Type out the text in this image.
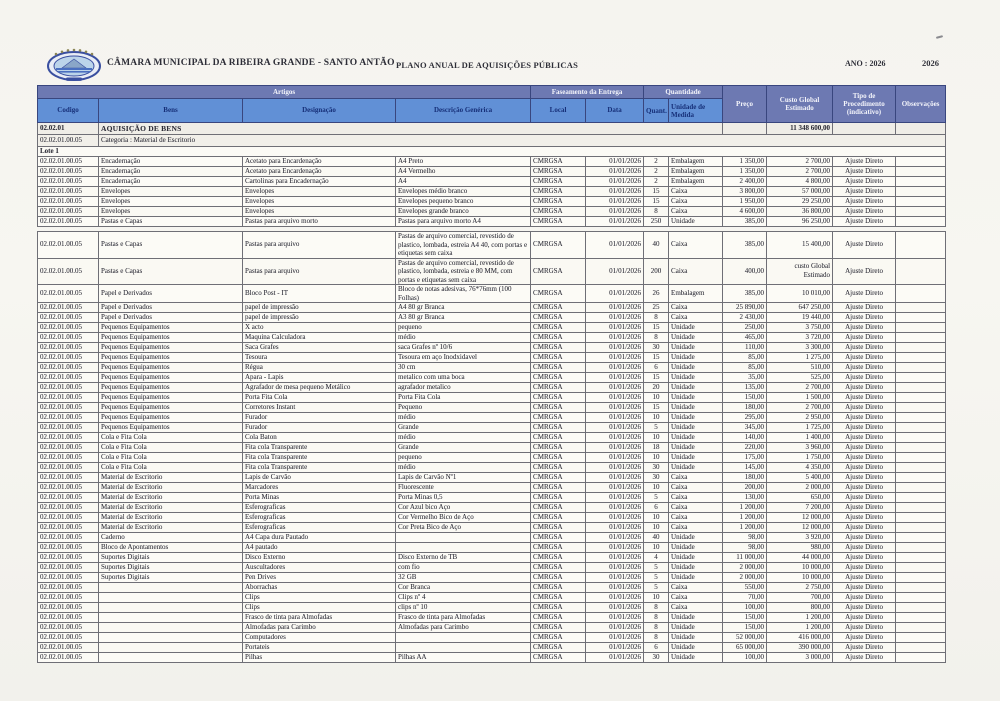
CÂMARA MUNICIPAL DA RIBEIRA GRANDE - SANTO ANTÃO PLANO ANUAL DE AQUISIÇÕES PÚBLICAS	ANO : 2026	2026
Artigos				Faseamento da Entrega		Quantidade		Preço	Custo Global Estimado	Tipo de Procedimento (indicativo)	Observações
Codigo	Bens	Designação	Descrição Genérica	Local	Data	Quant.	Unidade de Medida				
02.02.01	AQUISIÇÃO DE BENS								11 348 600,00		
02.02.01.00.05	Categoria : Material de Escritorio										
Lote 1											
02.02.01.00.05	Encadernação	Acetato para Encardenação	A4 Preto	CMRGSA	01/01/2026	2	Embalagem	1 350,00	2 700,00	Ajuste Direto	
02.02.01.00.05	Encadernação	Acetato para Encardenação	A4 Vermelho	CMRGSA	01/01/2026	2	Embalagem	1 350,00	2 700,00	Ajuste Direto	
02.02.01.00.05	Encadernação	Cartolinas para Encadernação	A4	CMRGSA	01/01/2026	2	Embalagem	2 400,00	4 800,00	Ajuste Direto	
02.02.01.00.05	Envelopes	Envelopes	Envelopes médio branco	CMRGSA	01/01/2026	15	Caixa	3 800,00	57 000,00	Ajuste Direto	
02.02.01.00.05	Envelopes	Envelopes	Envelopes pequeno branco	CMRGSA	01/01/2026	15	Caixa	1 950,00	29 250,00	Ajuste Direto	
02.02.01.00.05	Envelopes	Envelopes	Envelopes grande branco	CMRGSA	01/01/2026	8	Caixa	4 600,00	36 800,00	Ajuste Direto	
02.02.01.00.05	Pastas e Capas	Pastas para arquivo morto	Pastas para arquivo morto A4	CMRGSA	01/01/2026	250	Unidade	385,00	96 250,00	Ajuste Direto	

02.02.01.00.05	Pastas e Capas	Pastas para arquivo	Pastas de arquivo comercial, revestido de plastico, lombada, estreia A4 40, com portas e etiquetas sem caixa	CMRGSA	01/01/2026	40	Caixa	385,00	15 400,00	Ajuste Direto	
02.02.01.00.05	Pastas e Capas	Pastas para arquivo	Pastas de arquivo comercial, revestido de plastico, lombada, estreia e 80 MM, com portas e etiquetas sem caixa	CMRGSA	01/01/2026	200	Caixa	400,00	custo Global Estimado	Ajuste Direto	
02.02.01.00.05	Papel e Derivados	Bloco Post - IT	Bloco de notas adesivas, 76*76mm (100 Folhas)	CMRGSA	01/01/2026	26	Embalagem	385,00	10 010,00	Ajuste Direto	
02.02.01.00.05	Papel e Derivados	papel de impressão	A4 80 gr Branca	CMRGSA	01/01/2026	25	Caixa	25 890,00	647 250,00	Ajuste Direto	
02.02.01.00.05	Papel e Derivados	papel de impressão	A3 80 gr Branca	CMRGSA	01/01/2026	8	Caixa	2 430,00	19 440,00	Ajuste Direto	
02.02.01.00.05	Pequenos Equipamentos	X acto	pequeno	CMRGSA	01/01/2026	15	Unidade	250,00	3 750,00	Ajuste Direto	
02.02.01.00.05	Pequenos Equipamentos	Maquina Calculadora	médio	CMRGSA	01/01/2026	8	Unidade	465,00	3 720,00	Ajuste Direto	
02.02.01.00.05	Pequenos Equipamentos	Saca Grafes	saca Grafes nº 10/6	CMRGSA	01/01/2026	30	Unidade	110,00	3 300,00	Ajuste Direto	
02.02.01.00.05	Pequenos Equipamentos	Tesoura	Tesoura em aço Inodxidavel	CMRGSA	01/01/2026	15	Unidade	85,00	1 275,00	Ajuste Direto	
02.02.01.00.05	Pequenos Equipamentos	Régua	30 cm	CMRGSA	01/01/2026	6	Unidade	85,00	510,00	Ajuste Direto	
02.02.01.00.05	Pequenos Equipamentos	Apara - Lapis	metalico com uma boca	CMRGSA	01/01/2026	15	Unidade	35,00	525,00	Ajuste Direto	
02.02.01.00.05	Pequenos Equipamentos	Agrafador de mesa pequeno Metálico	agrafador metalico	CMRGSA	01/01/2026	20	Unidade	135,00	2 700,00	Ajuste Direto	
02.02.01.00.05	Pequenos Equipamentos	Porta Fita Cola	Porta Fita Cola	CMRGSA	01/01/2026	10	Unidade	150,00	1 500,00	Ajuste Direto	
02.02.01.00.05	Pequenos Equipamentos	Corretores Instant	Pequeno	CMRGSA	01/01/2026	15	Unidade	180,00	2 700,00	Ajuste Direto	
02.02.01.00.05	Pequenos Equipamentos	Furador	médio	CMRGSA	01/01/2026	10	Unidade	295,00	2 950,00	Ajuste Direto	
02.02.01.00.05	Pequenos Equipamentos	Furador	Grande	CMRGSA	01/01/2026	5	Unidade	345,00	1 725,00	Ajuste Direto	
02.02.01.00.05	Cola e Fita Cola	Cola Baton	médio	CMRGSA	01/01/2026	10	Unidade	140,00	1 400,00	Ajuste Direto	
02.02.01.00.05	Cola e Fita Cola	Fita cola Transparente	Grande	CMRGSA	01/01/2026	18	Unidade	220,00	3 960,00	Ajuste Direto	
02.02.01.00.05	Cola e Fita Cola	Fita cola Transparente	pequeno	CMRGSA	01/01/2026	10	Unidade	175,00	1 750,00	Ajuste Direto	
02.02.01.00.05	Cola e Fita Cola	Fita cola Transparente	médio	CMRGSA	01/01/2026	30	Unidade	145,00	4 350,00	Ajuste Direto	
02.02.01.00.05	Material de Escritorio	Lapis de Carvão	Lapis de Carvão Nº1	CMRGSA	01/01/2026	30	Caixa	180,00	5 400,00	Ajuste Direto	
02.02.01.00.05	Material de Escritorio	Marcadores	Fluorescente	CMRGSA	01/01/2026	10	Caixa	200,00	2 000,00	Ajuste Direto	
02.02.01.00.05	Material de Escritorio	Porta Minas	Porta Minas 0,5	CMRGSA	01/01/2026	5	Caixa	130,00	650,00	Ajuste Direto	
02.02.01.00.05	Material de Escritorio	Esferograficas	Cor Azul bico Aço	CMRGSA	01/01/2026	6	Caixa	1 200,00	7 200,00	Ajuste Direto	
02.02.01.00.05	Material de Escritorio	Esferograficas	Cor Vermelho Bico de Aço	CMRGSA	01/01/2026	10	Caixa	1 200,00	12 000,00	Ajuste Direto	
02.02.01.00.05	Material de Escritorio	Esferograficas	Cor Preta Bico de Aço	CMRGSA	01/01/2026	10	Caixa	1 200,00	12 000,00	Ajuste Direto	
02.02.01.00.05	Caderno	A4 Capa dura Pautado		CMRGSA	01/01/2026	40	Unidade	98,00	3 920,00	Ajuste Direto	
02.02.01.00.05	Bloco de Apontamentos	A4 pautado		CMRGSA	01/01/2026	10	Unidade	98,00	980,00	Ajuste Direto	
02.02.01.00.05	Suportes Digitais	Disco Externo	Disco Externo de TB	CMRGSA	01/01/2026	4	Unidade	11 000,00	44 000,00	Ajuste Direto	
02.02.01.00.05	Suportes Digitais	Auscultadores	com fio	CMRGSA	01/01/2026	5	Unidade	2 000,00	10 000,00	Ajuste Direto	
02.02.01.00.05	Suportes Digitais	Pen Drives	32 GB	CMRGSA	01/01/2026	5	Unidade	2 000,00	10 000,00	Ajuste Direto	
02.02.01.00.05		Aborrachas	Cor Branca	CMRGSA	01/01/2026	5	Caixa	550,00	2 750,00	Ajuste Direto	
02.02.01.00.05		Clips	Clips nº 4	CMRGSA	01/01/2026	10	Caixa	70,00	700,00	Ajuste Direto	
02.02.01.00.05		Clips	clips nº 10	CMRGSA	01/01/2026	8	Caixa	100,00	800,00	Ajuste Direto	
02.02.01.00.05		Frasco de tinta para Almofadas	Frasco de tinta para Almofadas	CMRGSA	01/01/2026	8	Unidade	150,00	1 200,00	Ajuste Direto	
02.02.01.00.05		Almofadas para Carimbo	Almofadas para Carimbo	CMRGSA	01/01/2026	8	Unidade	150,00	1 200,00	Ajuste Direto	
02.02.01.00.05		Computadores		CMRGSA	01/01/2026	8	Unidade	52 000,00	416 000,00	Ajuste Direto	
02.02.01.00.05		Portateis		CMRGSA	01/01/2026	6	Unidade	65 000,00	390 000,00	Ajuste Direto	
02.02.01.00.05		Pilhas	Pilhas AA	CMRGSA	01/01/2026	30	Unidade	100,00	3 000,00	Ajuste Direto	
